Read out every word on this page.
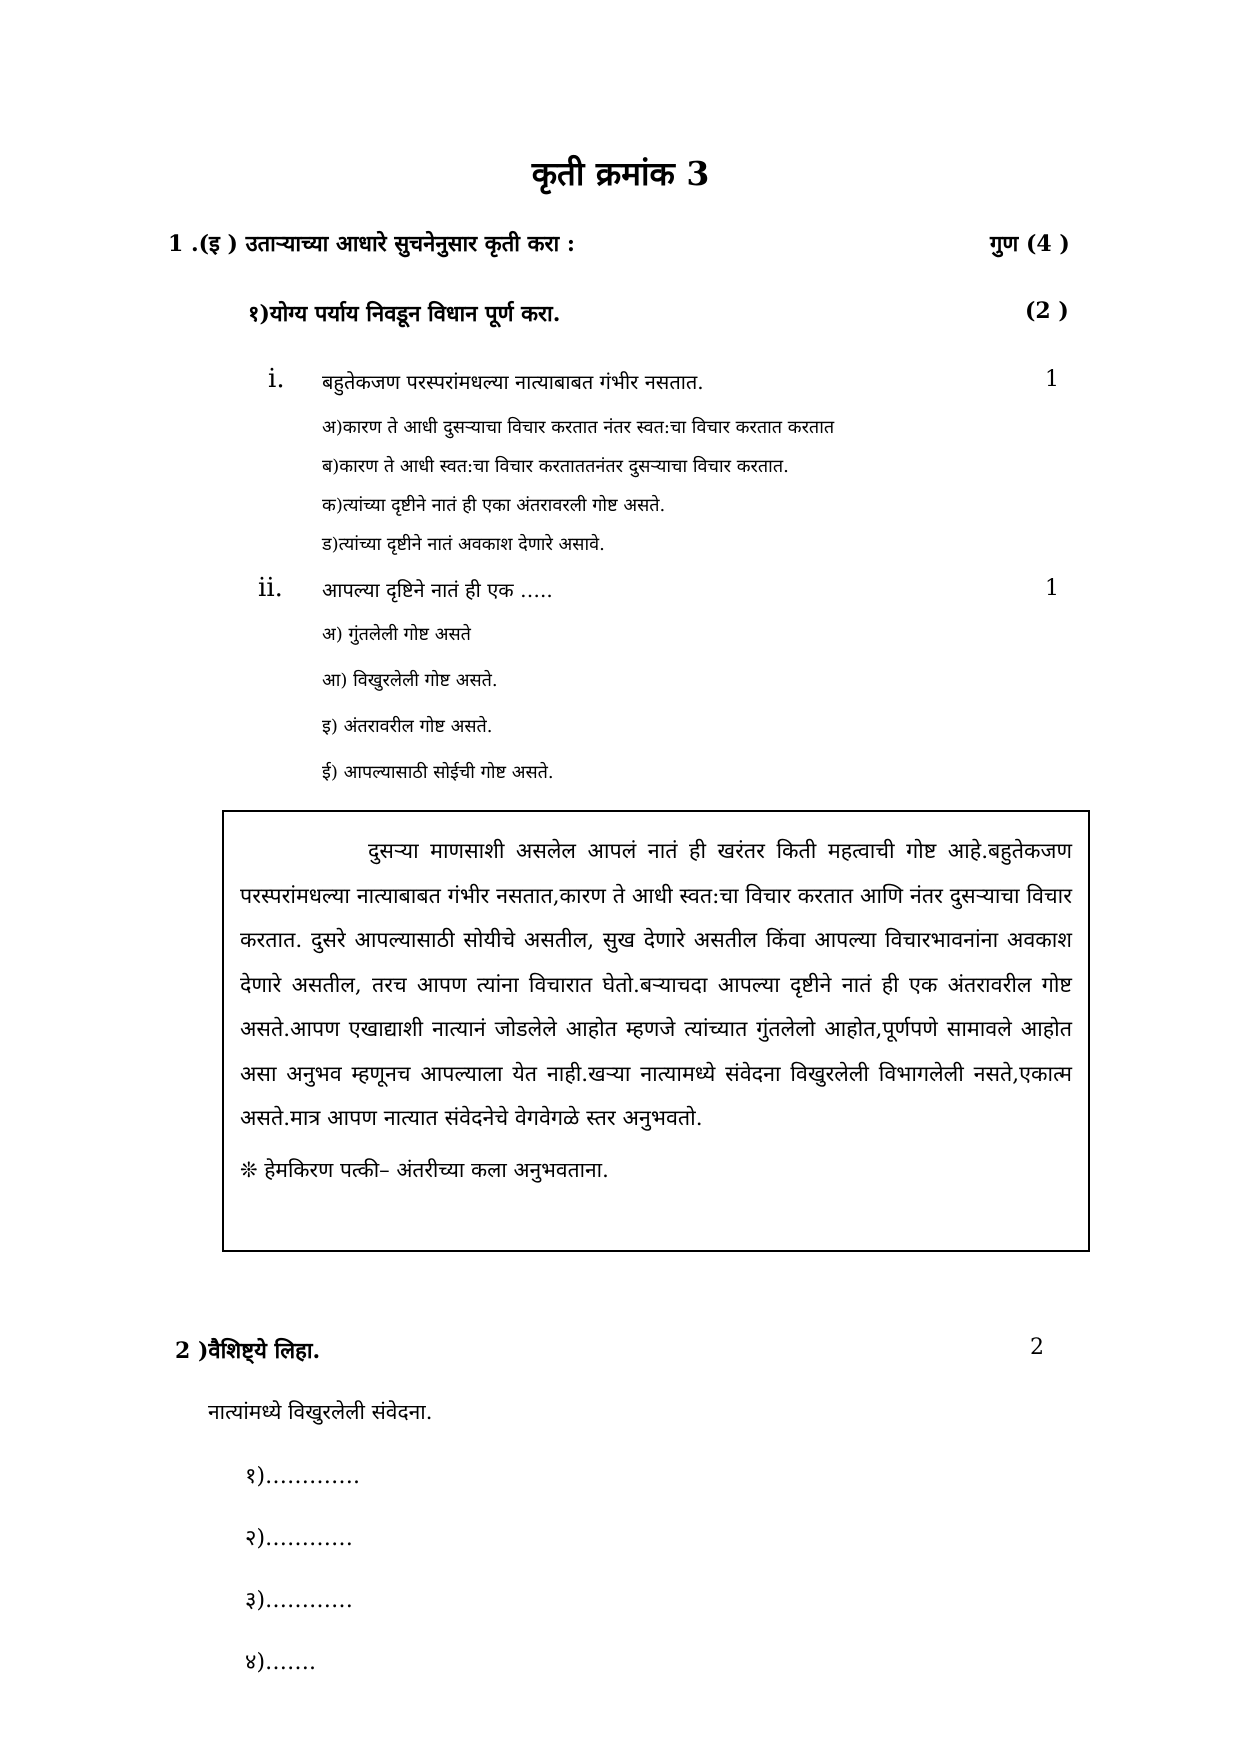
कृती क्रमांक 3
1 .(इ ) उताऱ्याच्या आधारे सुचनेनुसार कृती करा :	गुण (4 )
१)योग्य पर्याय निवडून विधान पूर्ण करा.	(2 )
i. बहुतेकजण परस्परांमधल्या नात्याबाबत गंभीर नसतात.	1
अ)कारण ते आधी दुसऱ्याचा विचार करतात नंतर स्वत:चा विचार करतात करतात
ब)कारण ते आधी स्वत:चा विचार करताततनंतर दुसऱ्याचा विचार करतात.
क)त्यांच्या दृष्टीने नातं ही एका अंतरावरली गोष्ट असते.
ड)त्यांच्या दृष्टीने नातं अवकाश देणारे असावे.
ii. आपल्या दृष्टिने नातं ही एक …..	1
अ) गुंतलेली गोष्ट असते
आ) विखुरलेली गोष्ट असते.
इ) अंतरावरील गोष्ट असते.
ई) आपल्यासाठी सोईची गोष्ट असते.

दुसऱ्या माणसाशी असलेल आपलं नातं ही खरंतर किती महत्वाची गोष्ट आहे.बहुतेकजण परस्परांमधल्या नात्याबाबत गंभीर नसतात,कारण ते आधी स्वत:चा विचार करतात आणि नंतर दुसऱ्याचा विचार करतात. दुसरे आपल्यासाठी सोयीचे असतील, सुख देणारे असतील किंवा आपल्या विचारभावनांना अवकाश देणारे असतील, तरच आपण त्यांना विचारात घेतो.बऱ्याचदा आपल्या दृष्टीने नातं ही एक अंतरावरील गोष्ट असते.आपण एखाद्याशी नात्यानं जोडलेले आहोत म्हणजे त्यांच्यात गुंतलेलो आहोत,पूर्णपणे सामावले आहोत असा अनुभव म्हणूनच आपल्याला येत नाही.खऱ्या नात्यामध्ये संवेदना विखुरलेली विभागलेली नसते,एकात्म असते.मात्र आपण नात्यात संवेदनेचे वेगवेगळे स्तर अनुभवतो.

❊ हेमकिरण पत्की– अंतरीच्या कला अनुभवताना.

2 )वैशिष्ट्ये लिहा.	2
नात्यांमध्ये विखुरलेली संवेदना.
१)………….
२)…………
३)…………
४)…….
